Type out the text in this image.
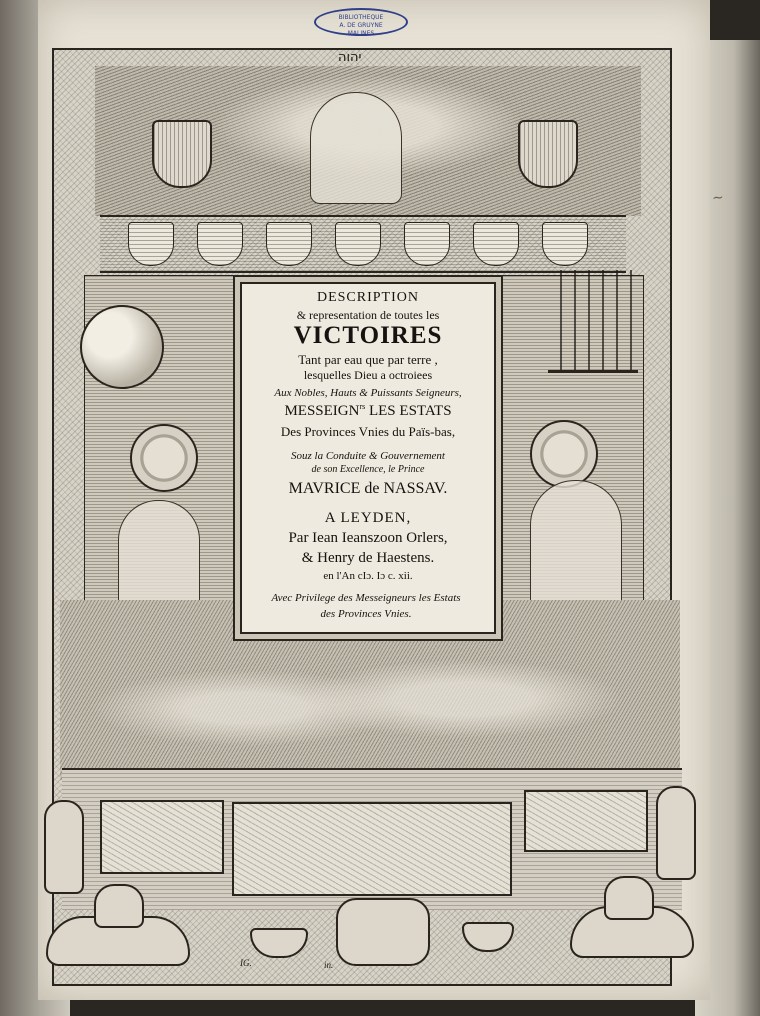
~
BIBLIOTHEQUE
A. DE GRUYNE
MALINES
יהוה
DESCRIPTION
& representation de toutes les
VICTOIRES
Tant par eau que par terre ,
lesquelles Dieu a octroiees
Aux Nobles, Hauts & Puissants Seigneurs,
$MESSEIGN^{rs}$ LES ESTATS
Des Provinces Vnies du Païs-bas,
Souz la Conduite & Gouvernement
de son Excellence, le Prince
MAVRICE de NASSAV.
A LEYDEN,
Par Iean Ieanszoon Orlers,
& Henry de Haestens.
en l'An cIɔ. Iɔ c. xii.
Avec Privilege des Messeigneurs les Estats
des Provinces Vnies.
IG.	in.
